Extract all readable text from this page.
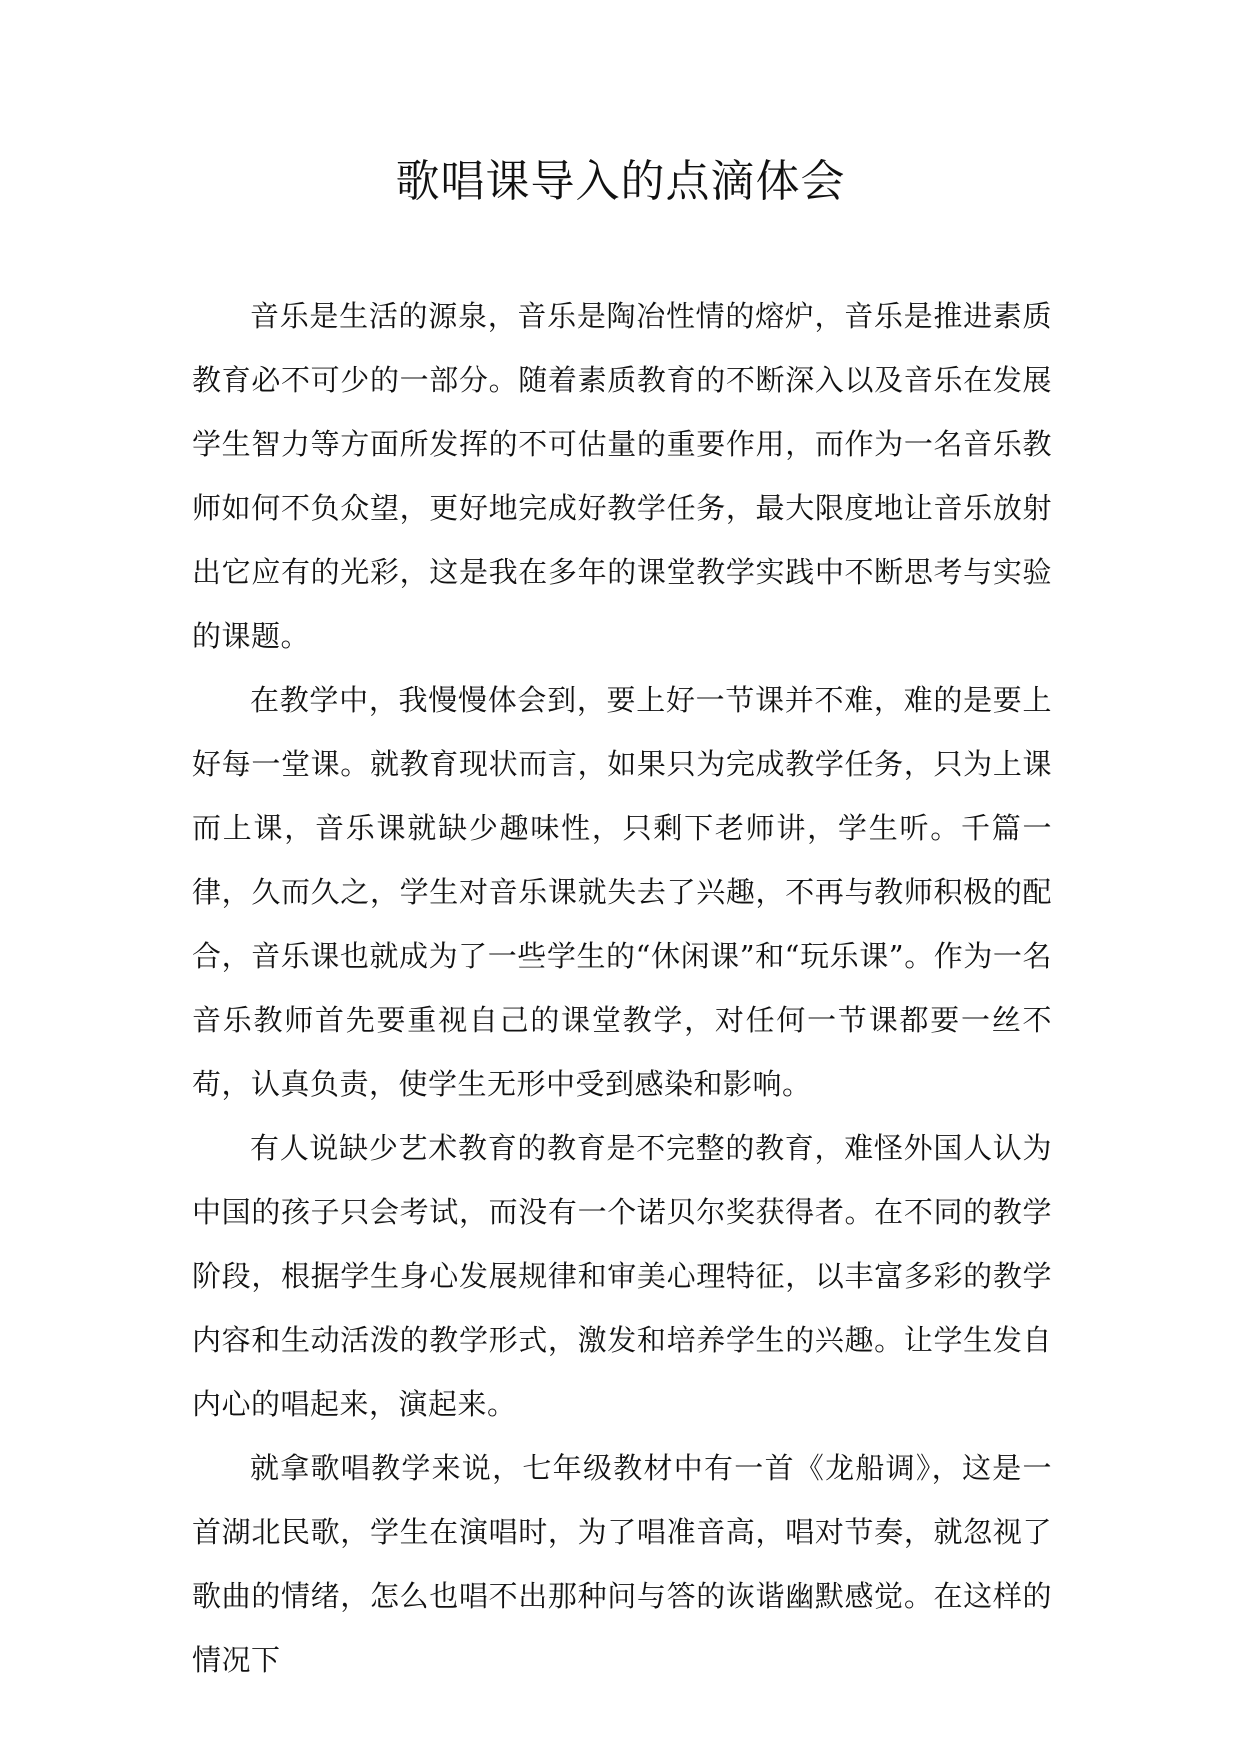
歌唱课导入的点滴体会

音乐是生活的源泉，音乐是陶冶性情的熔炉，音乐是推进素质教育必不可少的一部分。随着素质教育的不断深入以及音乐在发展学生智力等方面所发挥的不可估量的重要作用，而作为一名音乐教师如何不负众望，更好地完成好教学任务，最大限度地让音乐放射出它应有的光彩，这是我在多年的课堂教学实践中不断思考与实验的课题。

在教学中，我慢慢体会到，要上好一节课并不难，难的是要上好每一堂课。就教育现状而言，如果只为完成教学任务，只为上课而上课，音乐课就缺少趣味性，只剩下老师讲，学生听。千篇一律，久而久之，学生对音乐课就失去了兴趣，不再与教师积极的配合，音乐课也就成为了一些学生的“休闲课”和“玩乐课”。作为一名音乐教师首先要重视自己的课堂教学，对任何一节课都要一丝不苟，认真负责，使学生无形中受到感染和影响。

有人说缺少艺术教育的教育是不完整的教育，难怪外国人认为中国的孩子只会考试，而没有一个诺贝尔奖获得者。在不同的教学阶段，根据学生身心发展规律和审美心理特征，以丰富多彩的教学内容和生动活泼的教学形式，激发和培养学生的兴趣。让学生发自内心的唱起来，演起来。

就拿歌唱教学来说，七年级教材中有一首《龙船调》，这是一首湖北民歌，学生在演唱时，为了唱准音高，唱对节奏，就忽视了歌曲的情绪，怎么也唱不出那种问与答的诙谐幽默感觉。在这样的情况下
